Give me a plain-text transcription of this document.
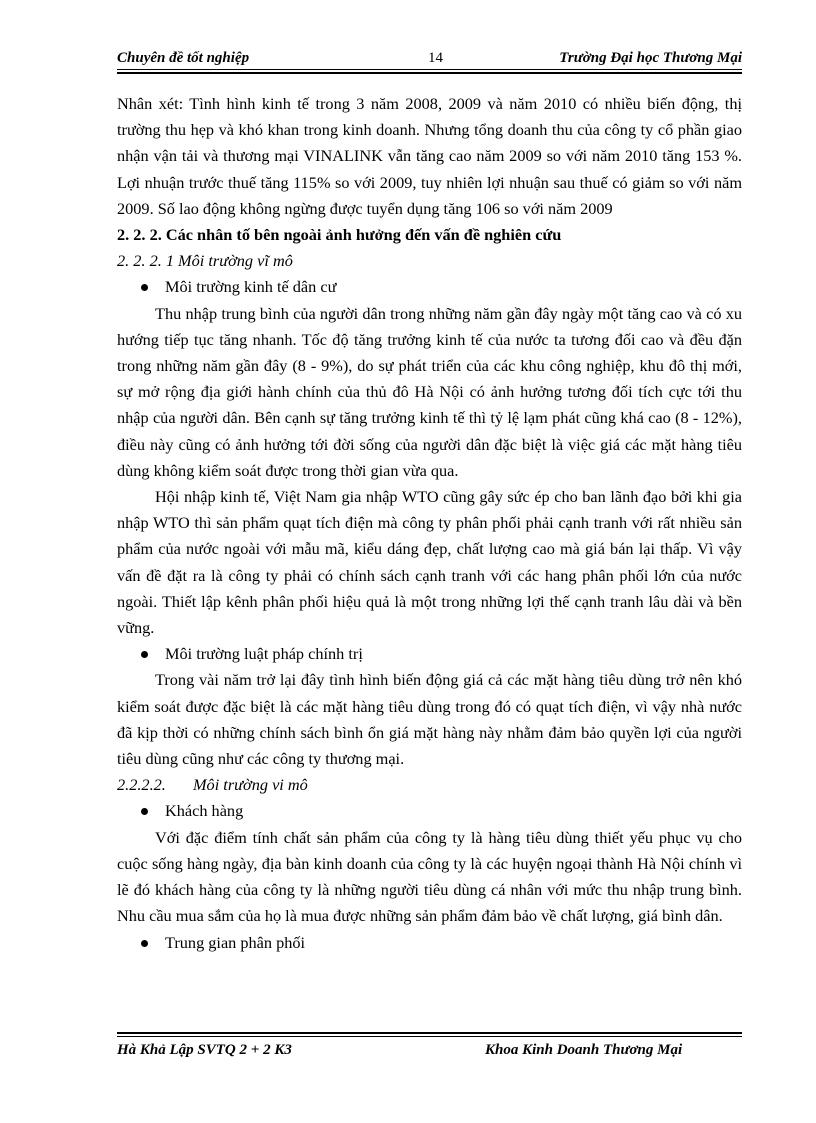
Chuyên đề tốt nghiệp	14	Trường Đại học Thương Mại

Nhân xét: Tình hình kinh tế trong 3 năm 2008, 2009 và năm 2010 có nhiều biến động, thị trường thu hẹp và khó khan trong kinh doanh. Nhưng tổng doanh thu của công ty cổ phần giao nhận vận tải và thương mại VINALINK vẫn tăng cao năm 2009 so với năm 2010 tăng 153 %. Lợi nhuận trước thuế tăng 115% so với 2009, tuy nhiên lợi nhuận sau thuế có giảm so với năm 2009. Số lao động không ngừng được tuyển dụng tăng 106 so với năm 2009

2. 2. 2. Các nhân tố bên ngoài ảnh hưởng đến vấn đề nghiên cứu

2. 2. 2. 1 Môi trường vĩ mô

Môi trường kinh tế dân cư

Thu nhập trung bình của người dân trong những năm gần đây ngày một tăng cao và có xu hướng tiếp tục tăng nhanh. Tốc độ tăng trưởng kinh tế của nước ta tương đối cao và đều đặn trong những năm gần đây (8 - 9%), do sự phát triển của các khu công nghiệp, khu đô thị mới, sự mở rộng địa giới hành chính của thủ đô Hà Nội có ảnh hưởng tương đối tích cực tới thu nhập của người dân. Bên cạnh sự tăng trưởng kinh tế thì tỷ lệ lạm phát cũng khá cao (8 - 12%), điều này cũng có ảnh hưởng tới đời sống của người dân đặc biệt là việc giá các mặt hàng tiêu dùng không kiểm soát được trong thời gian vừa qua.

Hội nhập kinh tế, Việt Nam gia nhập WTO cũng gây sức ép cho ban lãnh đạo bởi khi gia nhập WTO thì sản phẩm quạt tích điện mà công ty phân phối phải cạnh tranh với rất nhiều sản phẩm của nước ngoài với mẫu mã, kiểu dáng đẹp, chất lượng cao mà giá bán lại thấp. Vì vậy vấn đề đặt ra là công ty phải có chính sách cạnh tranh với các hang phân phối lớn của nước ngoài. Thiết lập kênh phân phối hiệu quả là một trong những lợi thế cạnh tranh lâu dài và bền vững.

Môi trường luật pháp chính trị

Trong vài năm trở lại đây tình hình biến động giá cả các mặt hàng tiêu dùng trở nên khó kiểm soát được đặc biệt là các mặt hàng tiêu dùng trong đó có quạt tích điện, vì vậy nhà nước đã kịp thời có những chính sách bình ổn giá mặt hàng này nhằm đảm bảo quyền lợi của người tiêu dùng cũng như các công ty thương mại.

2.2.2.2. Môi trường vi mô

Khách hàng

Với đặc điểm tính chất sản phẩm của công ty là hàng tiêu dùng thiết yếu phục vụ cho cuộc sống hàng ngày, địa bàn kinh doanh của công ty là các huyện ngoại thành Hà Nội chính vì lẽ đó khách hàng của công ty là những người tiêu dùng cá nhân với mức thu nhập trung bình. Nhu cầu mua sắm của họ là mua được những sản phẩm đảm bảo về chất lượng, giá bình dân.

Trung gian phân phối

Hà Khả Lập SVTQ 2 + 2 K3	Khoa Kinh Doanh Thương Mại
